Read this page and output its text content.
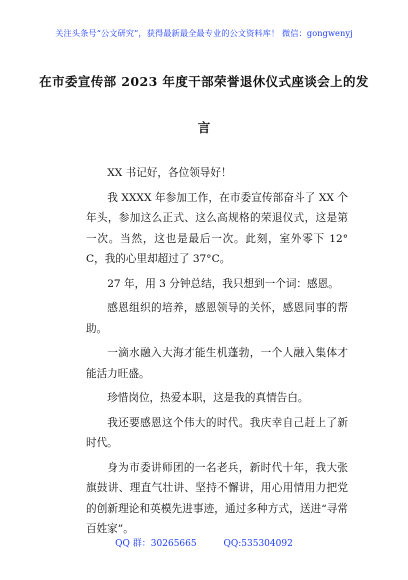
关注头条号“公文研究”，获得最新最全最专业的公文资料库！ 微信：gongwenyj
在市委宣传部 2023 年度干部荣誉退休仪式座谈会上的发
言

XX 书记好，各位领导好！

我 XXXX 年参加工作，在市委宣传部奋斗了 XX 个年头，参加这么正式、这么高规格的荣退仪式，这是第一次。当然，这也是最后一次。此刻，室外零下 12°C，我的心里却超过了 37°C。

27 年，用 3 分钟总结，我只想到一个词：感恩。

感恩组织的培养，感恩领导的关怀，感恩同事的帮助。

一滴水融入大海才能生机蓬勃，一个人融入集体才能活力旺盛。

珍惜岗位，热爱本职，这是我的真情告白。

我还要感恩这个伟大的时代。我庆幸自己赶上了新时代。

身为市委讲师团的一名老兵，新时代十年，我大张旗鼓讲、理直气壮讲、坚持不懈讲，用心用情用力把党的创新理论和英模先进事迹，通过多种方式，送进“寻常百姓家”。

QQ 群：30265665	QQ:535304092
